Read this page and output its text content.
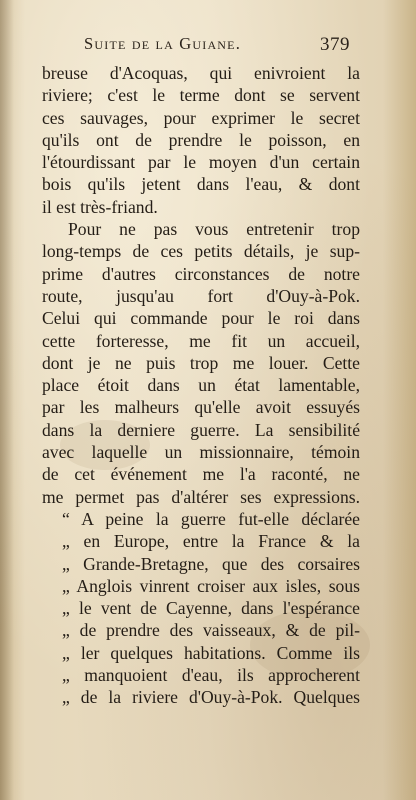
Suite de la Guiane.	379
breuse d'Acoquas, qui enivroient la
riviere; c'est le terme dont se servent
ces sauvages, pour exprimer le secret
qu'ils ont de prendre le poisson, en
l'étourdissant par le moyen d'un certain
bois qu'ils jetent dans l'eau, & dont
il est très-friand.
Pour ne pas vous entretenir trop
long-temps de ces petits détails, je sup-
prime d'autres circonstances de notre
route, jusqu'au fort d'Ouy-à-Pok.
Celui qui commande pour le roi dans
cette forteresse, me fit un accueil,
dont je ne puis trop me louer. Cette
place étoit dans un état lamentable,
par les malheurs qu'elle avoit essuyés
dans la derniere guerre. La sensibilité
avec laquelle un missionnaire, témoin
de cet événement me l'a raconté, ne
me permet pas d'altérer ses expressions.
“ A peine la guerre fut-elle déclarée
„ en Europe, entre la France & la
„ Grande-Bretagne, que des corsaires
„ Anglois vinrent croiser aux isles, sous
„ le vent de Cayenne, dans l'espérance
„ de prendre des vaisseaux, & de pil-
„ ler quelques habitations. Comme ils
„ manquoient d'eau, ils approcherent
„ de la riviere d'Ouy-à-Pok. Quelques
